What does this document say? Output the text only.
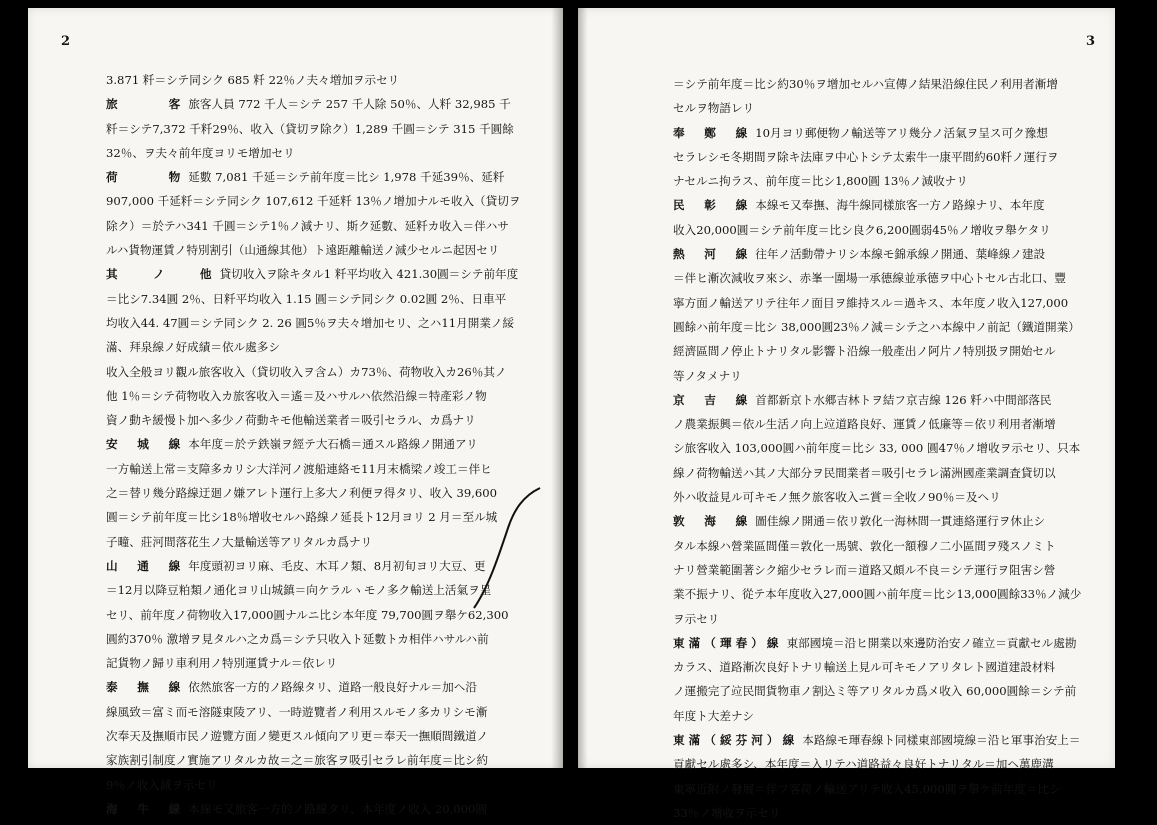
2
3.871 粁＝シテ同シク 685 粁 22％ノ夫々増加ヲ示セリ
旅　　　客 旅客人員 772 千人＝シテ 257 千人除 50％、人粁 32,985 千
粁＝シテ7,372 千粁29％、收入（貸切ヲ除ク）1,289 千圓＝シテ 315 千圓餘
32％、ヲ夫々前年度ヨリモ增加セリ
荷　　　物 延數 7,081 千延＝シテ前年度＝比シ 1,978 千延39％、延粁
907,000 千延粁＝シテ同シク 107,612 千延粁 13％ノ增加ナルモ收入（貸切ヲ
除ク）＝於テハ341 千圓＝シテ1％ノ減ナリ、斯ク延數、延粁カ收入＝伴ハサ
ルハ貨物運賃ノ特別割引（山通線其他）ト遠距離輸送ノ減少セルニ起因セリ
其　　ノ　　他 貸切收入ヲ除キタル1 粁平均收入 421.30圓＝シテ前年度
＝比シ7.34圓 2％、日粁平均收入 1.15 圓＝シテ同シク 0.02圓 2％、日車平
均收入44. 47圓＝シテ同シク 2. 26 圓5％ヲ夫々增加セリ、之ハ11月開業ノ綏
滿、拜泉線ノ好成績＝依ル處多シ
收入全般ヨリ觀ル旅客收入（貸切收入ヲ含ム）カ73％、荷物收入カ26％其ノ
他 1％＝シテ荷物收入カ旅客收入＝遙＝及ハサルハ依然沿線＝特產彩ノ物
資ノ動キ緩慢ト加ヘ多少ノ荷動キモ他輸送業者＝吸引セラル、カ爲ナリ
安　城　線 本年度＝於テ鉄嶺ヲ經テ大石橋＝通スル路線ノ開通アリ
一方輸送上常＝支障多カリシ大洋河ノ渡船連絡モ11月末橋梁ノ竣工＝伴ヒ
之＝替リ幾分路線迂廻ノ嫌アレト運行上多大ノ利便ヲ得タリ、收入 39,600
圓＝シテ前年度＝比シ18％增收セルハ路線ノ延長ト12月ヨリ 2 月＝至ル城
子疃、莊河間落花生ノ大量輸送等アリタルカ爲ナリ
山　通　線 年度頭初ヨリ麻、毛皮、木耳ノ類、8月初旬ヨリ大豆、更
＝12月以降豆粕類ノ通化ヨリ山城鎮＝向ケラルヽモノ多ク輸送上活氣ヲ呈
セリ、前年度ノ荷物收入17,000圓ナルニ比シ本年度 79,700圓ヲ舉ケ62,300
圓約370％ 激增ヲ見タルハ之カ爲＝シテ只收入ト延數トカ相伴ハサルハ前
記貨物ノ歸リ車利用ノ特別運賃ナル＝依レリ
泰　撫　線 依然旅客一方的ノ路線タリ、道路一般良好ナル＝加ヘ沿
線風致＝富ミ而モ溶隧東陵アリ、一時遊覽者ノ利用スルモノ多カリシモ漸
次奉天及撫順市民ノ遊覽方面ノ變更スル傾向アリ更＝奉天一撫順間鐵道ノ
家族割引制度ノ實施アリタルカ故＝之＝旅客ヲ吸引セラレ前年度＝比シ約
9％ノ收入減ヲ示セリ
海　牛　線 本線モ又旅客一方的ノ路線タリ、本年度ノ收入 20,000圓
3
＝シテ前年度＝比シ約30％ヲ增加セルハ宣傳ノ結果沿線住民ノ利用者漸增
セルヲ物語レリ
奉　鄭　線 10月ヨリ郵便物ノ輸送等アリ幾分ノ活氣ヲ呈ス可ク豫想
セラレシモ冬期間ヲ除キ法庫ヲ中心トシテ太索牛一康平間約60粁ノ運行ヲ
ナセルニ拘ラス、前年度＝比シ1,800圓 13％ノ減收ナリ
民　彰　線 本線モ又奉撫、海牛線同樣旅客一方ノ路線ナリ、本年度
收入20,000圓＝シテ前年度＝比シ良ク6,200圓弱45％ノ增收ヲ舉ケタリ
熱　河　線 往年ノ活動帶ナリシ本線モ錦承線ノ開通、葉峰線ノ建設
＝伴ヒ漸次減收ヲ來シ、赤峯一圍場一承德線並承德ヲ中心トセル古北口、豐
寧方面ノ輸送アリテ往年ノ面目ヲ維持スル＝過キス、本年度ノ收入127,000
圓餘ハ前年度＝比シ 38,000圓23％ノ減＝シテ之ハ本線中ノ前記（鐵道開業）
經濟區間ノ停止トナリタル影響ト沿線一般產出ノ阿片ノ特別扱ヲ開始セル
等ノタメナリ
京　吉　線 首都新京ト水郷吉林トヲ結フ京吉線 126 粁ハ中間部落民
ノ農業振興＝依ル生活ノ向上竝道路良好、運賃ノ低廉等＝依リ利用者漸增
シ旅客收入 103,000圓ハ前年度＝比シ 33, 000 圓47％ノ增收ヲ示セリ、只本
線ノ荷物輸送ハ其ノ大部分ヲ民間業者＝吸引セラレ滿洲國產業調査貸切以
外ハ收益見ル可キモノ無ク旅客收入ニ賞＝全收ノ90％＝及ヘリ
敦　海　線 圖佳線ノ開通＝依リ敦化一海林間一貫連絡運行ヲ休止シ
タル本線ハ營業區間僅＝敦化一馬號、敦化一額穆ノ二小區間ヲ殘スノミト
ナリ營業範圍著シク縮少セラレ而＝道路又頗ル不良＝シテ運行ヲ阻害シ營
業不振ナリ、從テ本年度收入27,000圓ハ前年度＝比シ13,000圓餘33％ノ減少
ヲ示セリ
東滿（琿春）線 東部國境＝沿ヒ開業以來邊防治安ノ確立＝貢獻セル處勘
カラス、道路漸次良好トナリ輸送上見ル可キモノアリタレト國道建設材料
ノ運搬完了竝民間貨物車ノ割込ミ等アリタルカ爲メ收入 60,000圓餘＝シテ前
年度ト大差ナシ
東滿（綏芬河）線 本路線モ琿春線ト同樣東部國境線＝沿ヒ軍事治安上＝
貢獻セル處多シ、本年度＝入リテハ道路益々良好トナリタル＝加ヘ萬鹿溝
東寧近附ノ發展＝伴フ客荷ノ輸送アリテ收入45,000圓ヲ舉ケ前年度＝比シ
33％ノ增收ヲ示セリ
